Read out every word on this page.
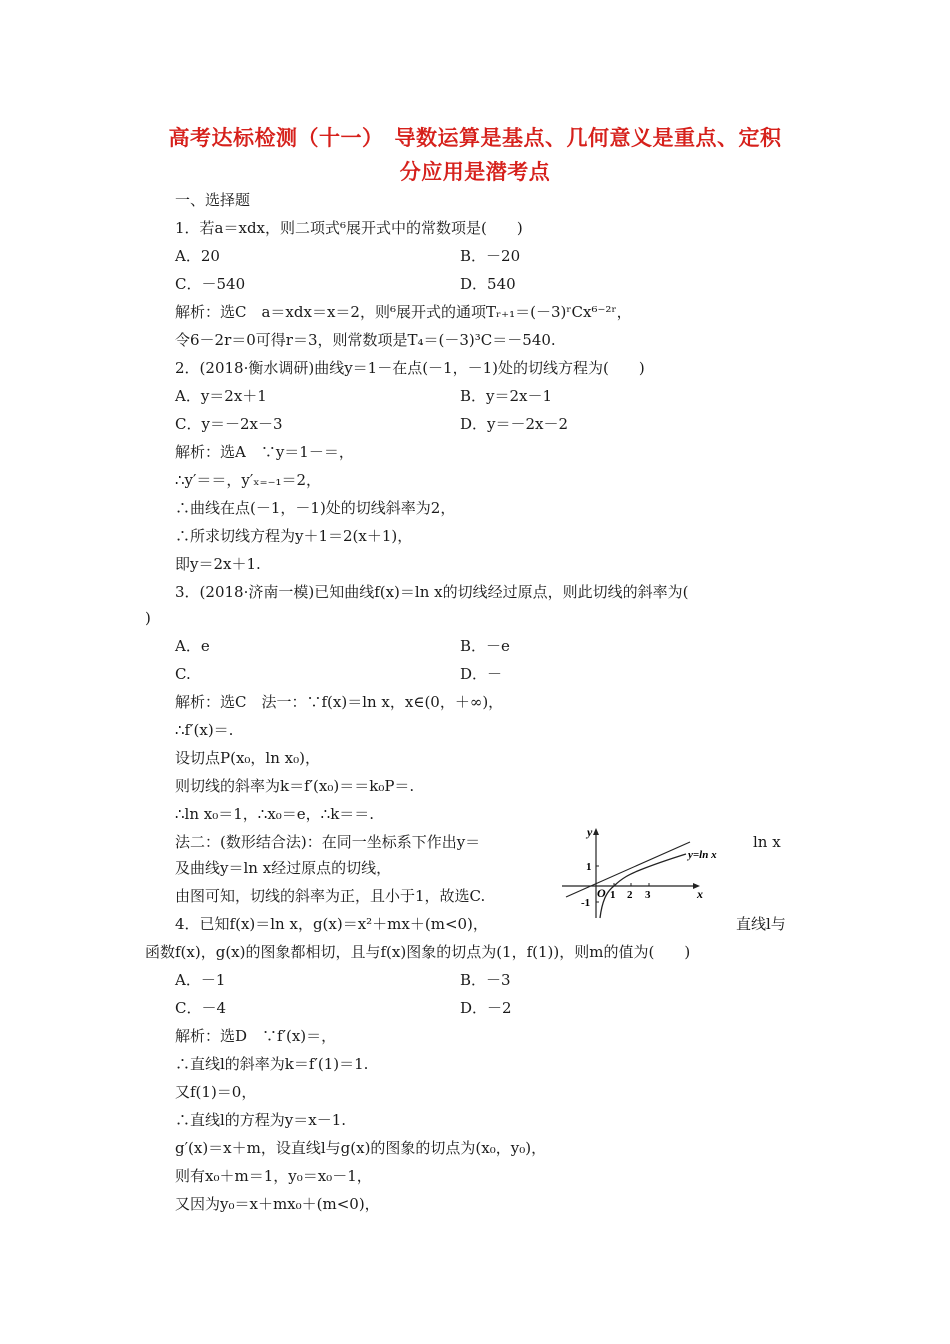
高考达标检测（十一）　导数运算是基点、几何意义是重点、定积
分应用是潜考点
一、选择题
1．若a＝xdx，则二项式⁶展开式中的常数项是(　　)
A．20	B．－20
C．－540	D．540
解析：选C　a＝xdx＝x＝2，则⁶展开式的通项Tᵣ₊₁＝(－3)ʳCx⁶⁻²ʳ，
令6－2r＝0可得r＝3，则常数项是T₄＝(－3)³C＝－540.
2．(2018·衡水调研)曲线y＝1－在点(－1，－1)处的切线方程为(　　)
A．y＝2x＋1	B．y＝2x－1
C．y＝－2x－3	D．y＝－2x－2
解析：选A　∵y＝1－＝，
∴y′＝＝，y′ₓ₌₋₁＝2，
∴曲线在点(－1，－1)处的切线斜率为2，
∴所求切线方程为y＋1＝2(x＋1)，
即y＝2x＋1.
3．(2018·济南一模)已知曲线f(x)＝ln x的切线经过原点，则此切线的斜率为(
)
A．e	B．－e
C.	D．－
解析：选C　法一：∵f(x)＝ln x，x∈(0，＋∞)，
∴f′(x)＝.
设切点P(x₀，ln x₀)，
则切线的斜率为k＝f′(x₀)＝＝k₀P＝.
∴ln x₀＝1，∴x₀＝e，∴k＝＝.
法二：(数形结合法)：在同一坐标系下作出y＝	ln x
及曲线y＝ln x经过原点的切线，
由图可知，切线的斜率为正，且小于1，故选C.
4．已知f(x)＝ln x，g(x)＝x²＋mx＋(m<0)，	直线l与
函数f(x)，g(x)的图象都相切，且与f(x)图象的切点为(1，f(1))，则m的值为(　　)
A．－1	B．－3
C．－4	D．－2
解析：选D　∵f′(x)＝，
∴直线l的斜率为k＝f′(1)＝1.
又f(1)＝0，
∴直线l的方程为y＝x－1.
g′(x)＝x＋m，设直线l与g(x)的图象的切点为(x₀，y₀)，
则有x₀＋m＝1，y₀＝x₀－1，
又因为y₀＝x＋mx₀＋(m<0)，
y
x
O
y=ln x
1
-1
1 2 3
